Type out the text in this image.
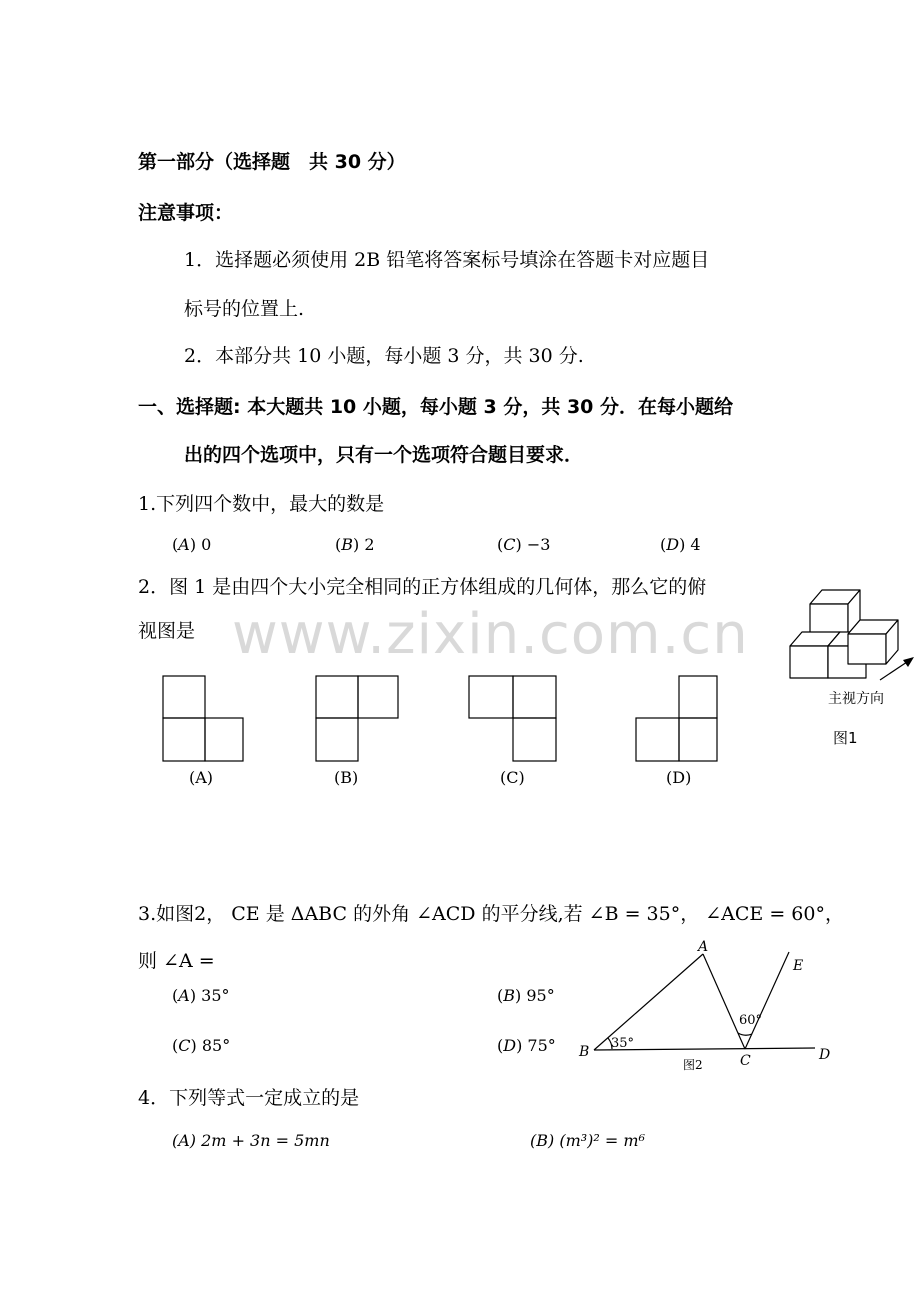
www.zixin.com.cn
第一部分（选择题　共 30 分）
注意事项：
1．选择题必须使用 2B 铅笔将答案标号填涂在答题卡对应题目
标号的位置上.
2．本部分共 10 小题，每小题 3 分，共 30 分.
一、选择题: 本大题共 10 小题，每小题 3 分，共 30 分．在每小题给
出的四个选项中，只有一个选项符合题目要求．
1.下列四个数中，最大的数是
(A) 0	(B) 2	(C) −3	(D) 4
2．图 1 是由四个大小完全相同的正方体组成的几何体，那么它的俯
视图是
主视方向
图1
(A)	(B)	(C)	(D)
3.如图2， CE 是 ΔABC 的外角 ∠ACD 的平分线,若 ∠B = 35°， ∠ACE = 60°，
则 ∠A =
(A) 35°	(B) 95°
(C) 85°	(D) 75°
A
B
C	D
E
35°
60°
图2
4．下列等式一定成立的是
(A) 2m + 3n = 5mn	(B) (m³)² = m⁶
